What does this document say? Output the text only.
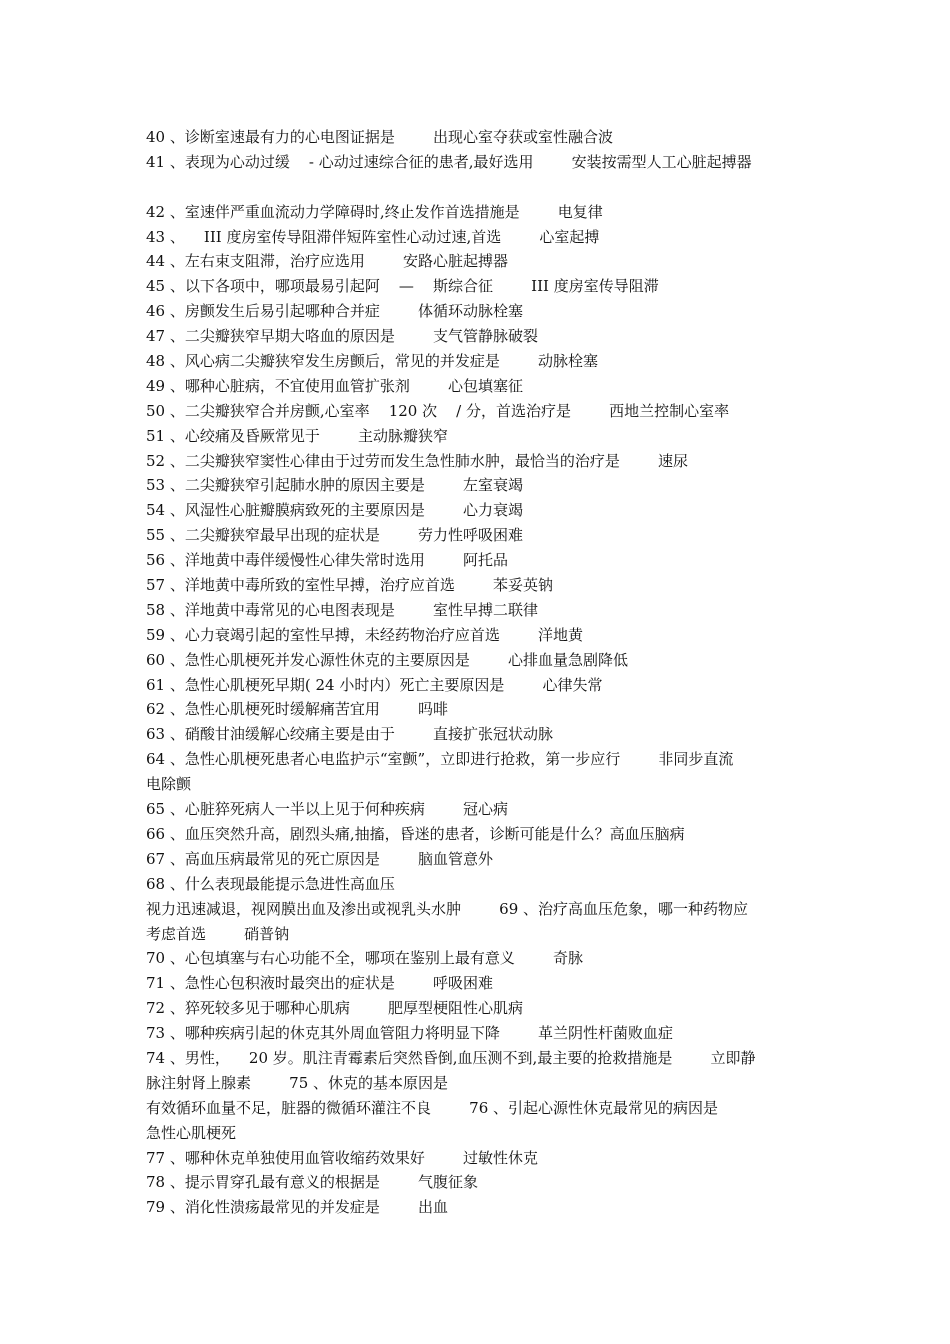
40 、诊断室速最有力的心电图证据是        出现心室夺获或室性融合波
41 、表现为心动过缓    - 心动过速综合征的患者,最好选用        安装按需型人工心脏起搏器
42 、室速伴严重血流动力学障碍时,终止发作首选措施是        电复律
43 、    III 度房室传导阻滞伴短阵室性心动过速,首选        心室起搏
44 、左右束支阻滞，治疗应选用        安路心脏起搏器
45 、以下各项中，哪项最易引起阿    —    斯综合征        III 度房室传导阻滞
46 、房颤发生后易引起哪种合并症        体循环动脉栓塞
47 、二尖瓣狭窄早期大咯血的原因是        支气管静脉破裂
48 、风心病二尖瓣狭窄发生房颤后，常见的并发症是        动脉栓塞
49 、哪种心脏病，不宜使用血管扩张剂        心包填塞征
50 、二尖瓣狭窄合并房颤,心室率    120 次    / 分，首选治疗是        西地兰控制心室率
51 、心绞痛及昏厥常见于        主动脉瓣狭窄
52 、二尖瓣狭窄窦性心律由于过劳而发生急性肺水肿，最恰当的治疗是        速尿
53 、二尖瓣狭窄引起肺水肿的原因主要是        左室衰竭
54 、风湿性心脏瓣膜病致死的主要原因是        心力衰竭
55 、二尖瓣狭窄最早出现的症状是        劳力性呼吸困难
56 、洋地黄中毒伴缓慢性心律失常时选用        阿托品
57 、洋地黄中毒所致的室性早搏，治疗应首选        苯妥英钠
58 、洋地黄中毒常见的心电图表现是        室性早搏二联律
59 、心力衰竭引起的室性早搏，未经药物治疗应首选        洋地黄
60 、急性心肌梗死并发心源性休克的主要原因是        心排血量急剧降低
61 、急性心肌梗死早期( 24 小时内）死亡主要原因是        心律失常
62 、急性心肌梗死时缓解痛苦宜用        吗啡
63 、硝酸甘油缓解心绞痛主要是由于        直接扩张冠状动脉
64 、急性心肌梗死患者心电监护示“室颤”，立即进行抢救，第一步应行        非同步直流
电除颤
65 、心脏猝死病人一半以上见于何种疾病        冠心病
66 、血压突然升高，剧烈头痛,抽搐，昏迷的患者，诊断可能是什么？高血压脑病
67 、高血压病最常见的死亡原因是        脑血管意外
68 、什么表现最能提示急进性高血压
视力迅速减退，视网膜出血及渗出或视乳头水肿        69 、治疗高血压危象，哪一种药物应
考虑首选        硝普钠
70 、心包填塞与右心功能不全，哪项在鉴别上最有意义        奇脉
71 、急性心包积液时最突出的症状是        呼吸困难
72 、猝死较多见于哪种心肌病        肥厚型梗阻性心肌病
73 、哪种疾病引起的休克其外周血管阻力将明显下降        革兰阴性杆菌败血症
74 、男性，    20 岁。肌注青霉素后突然昏倒,血压测不到,最主要的抢救措施是        立即静
脉注射肾上腺素        75 、休克的基本原因是
有效循环血量不足，脏器的微循环灌注不良        76 、引起心源性休克最常见的病因是
急性心肌梗死
77 、哪种休克单独使用血管收缩药效果好        过敏性休克
78 、提示胃穿孔最有意义的根据是        气腹征象
79 、消化性溃疡最常见的并发症是        出血
